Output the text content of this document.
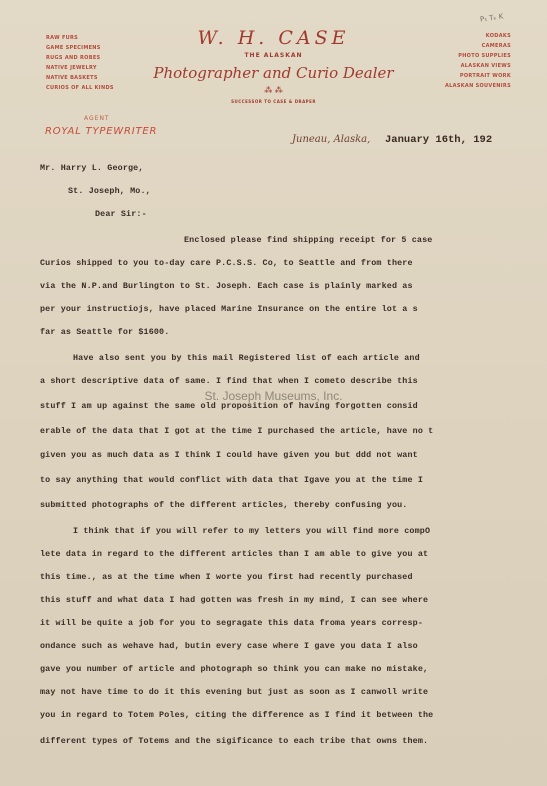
P₁ Tₖ K
RAW FURS
GAME SPECIMENS
RUGS AND ROBES
NATIVE JEWELRY
NATIVE BASKETS
CURIOS OF ALL KINDS
KODAKS
CAMERAS
PHOTO SUPPLIES
ALASKAN VIEWS
PORTRAIT WORK
ALASKAN SOUVENIRS
W. H. CASE
THE ALASKAN
Photographer and Curio Dealer
⁂ ⁂
SUCCESSOR TO CASE & DRAPER
AGENT
ROYAL TYPEWRITER
Juneau, Alaska, January 16th, 192
Mr. Harry L. George,
St. Joseph, Mo.,
Dear Sir:-
Enclosed please find shipping receipt for 5 case
Curios shipped to you to-day care P.C.S.S. Co, to Seattle and from there
via the N.P.and Burlington to St. Joseph. Each case is plainly marked as
per your instructiojs, have placed Marine Insurance on the entire lot a s
far as Seattle for $1600.
Have also sent you by this mail Registered list of each article and
a short descriptive data of same. I find that when I cometo describe this
stuff I am up against the same old proposition of having forgotten consid
erable of the data that I got at the time I purchased the article, have no t
given you as much data as I think I could have given you but ddd not want
to say anything that would conflict with data that Igave you at the time I
submitted photographs of the different articles, thereby confusing you.
I think that if you will refer to my letters you will find more compO
lete data in regard to the different articles than I am able to give you at
this time., as at the time when I worte you first had recently purchased
this stuff and what data I had gotten was fresh in my mind, I can see where
it will be quite a job for you to segragate this data froma years corresp-
ondance such as wehave had, butin every case where I gave you data I also
gave you number of article and photograph so think you can make no mistake,
may not have time to do it this evening but just as soon as I canwoll write
you in regard to Totem Poles, citing the difference as I find it between the
different types of Totems and the sigificance to each tribe that owns them.
St. Joseph Museums, Inc.
